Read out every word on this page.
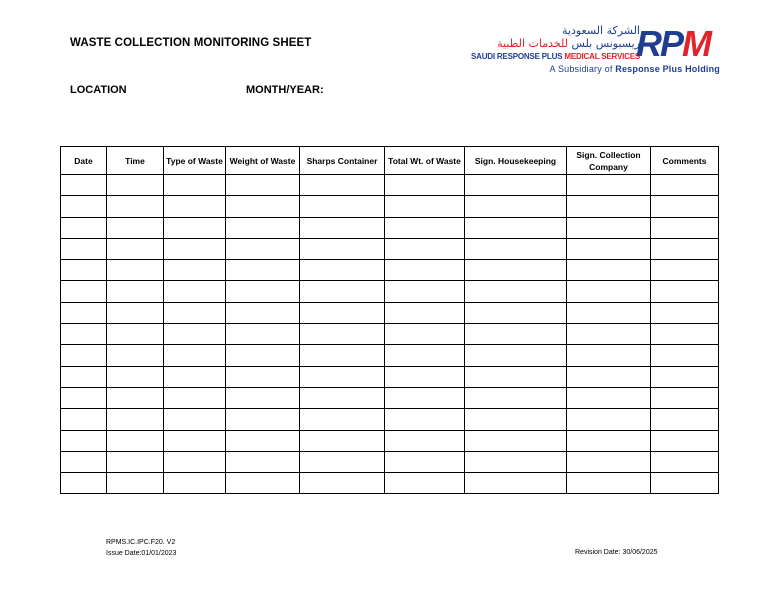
WASTE COLLECTION MONITORING SHEET
الشركة السعودية
ريسبونس بلس للخدمات الطبية
SAUDI RESPONSE PLUS MEDICAL SERVICES
RPM
A Subsidiary of Response Plus Holding
LOCATION	MONTH/YEAR:
Date	Time	Type of Waste	Weight of Waste	Sharps Container	Total Wt. of Waste	Sign. Housekeeping	Sign. Collection Company	Comments

RPMS.IC.IPC.F20. V2
Issue Date:01/01/2023	Revision Date: 30/06/2025
